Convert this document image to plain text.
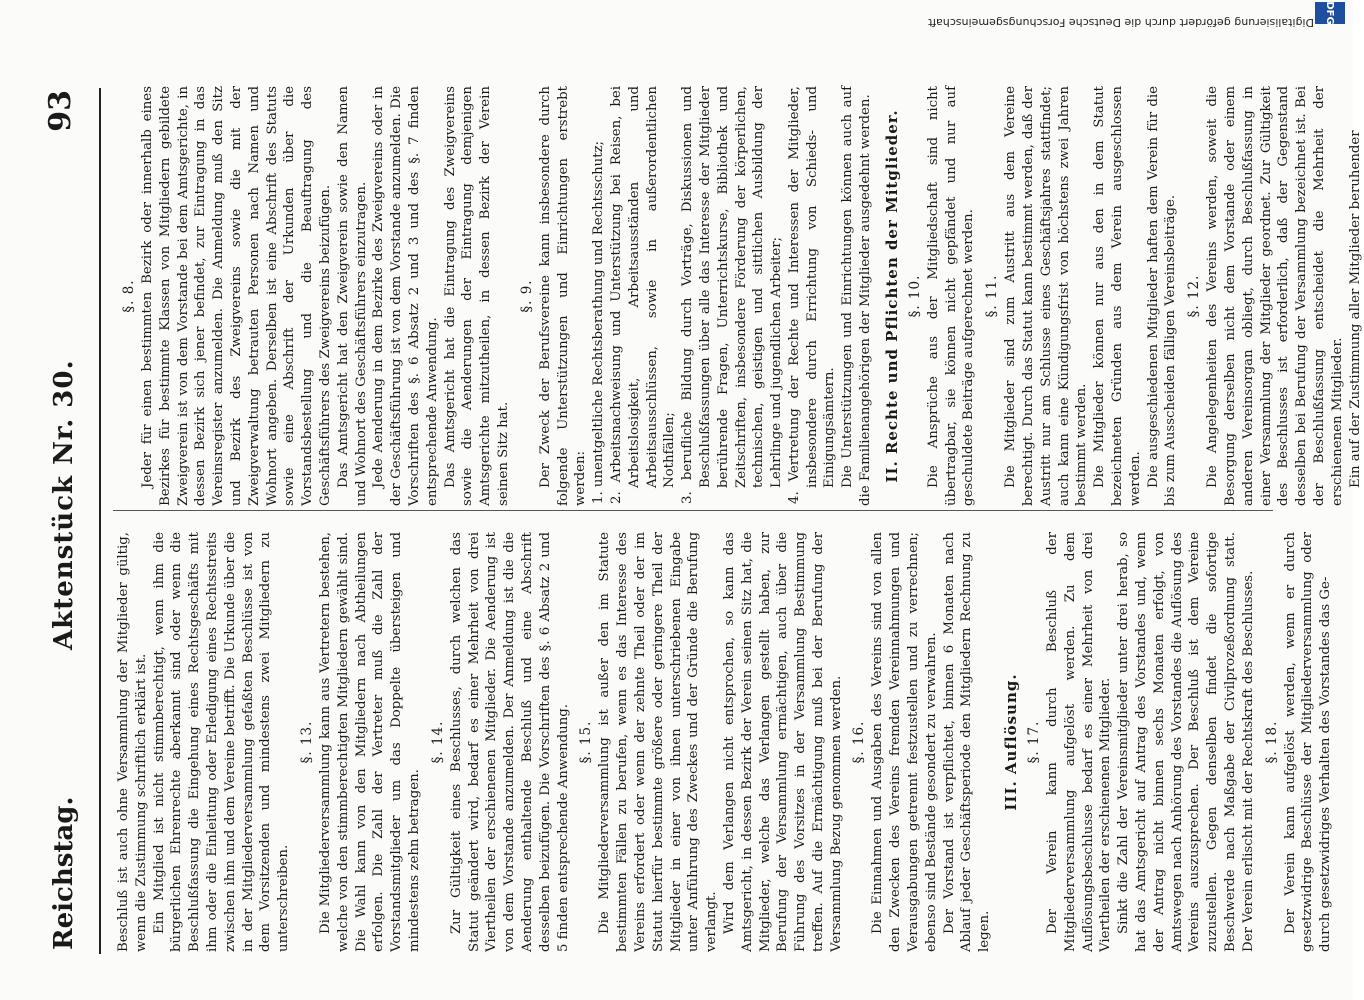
DFG
Digitalisierung gefördert durch die Deutsche Forschungsgemeinschaft
Reichstag.
Aktenstück Nr. 30.
93
§. 8. Jeder für einen bestimmten Bezirk oder innerhalb eines Bezirkes für bestimmte Klassen von Mitgliedern gebildete Zweigverein ist von dem Vorstande bei dem Amtsgerichte, in dessen Bezirk sich jener befindet, zur Eintragung in das Vereinsregister anzumelden. Die Anmeldung muß den Sitz und Bezirk des Zweigvereins sowie die mit der Zweigverwaltung betrauten Personen nach Namen und Wohnort angeben. Derselben ist eine Abschrift des Statuts sowie eine Abschrift der Urkunden über die Vorstandsbestellung und die Beauftragung des Geschäftsführers des Zweigvereins beizufügen. Das Amtsgericht hat den Zweigverein sowie den Namen und Wohnort des Geschäftsführers einzutragen. Jede Aenderung in dem Bezirke des Zweigvereins oder in der Geschäftsführung ist von dem Vorstande anzumelden. Die Vorschriften des §. 6 Absatz 2 und 3 und des §. 7 finden entsprechende Anwendung. Das Amtsgericht hat die Eintragung des Zweigvereins sowie die Aenderungen der Eintragung demjenigen Amtsgerichte mitzutheilen, in dessen Bezirk der Verein seinen Sitz hat.

§. 9. Der Zweck der Berufsvereine kann insbesondere durch folgende Unterstützungen und Einrichtungen erstrebt werden: 1. unentgeltliche Rechtsberathung und Rechtsschutz; 2. Arbeitsnachweisung und Unterstützung bei Reisen, bei Arbeitslosigkeit, Arbeitsausständen und Arbeitsausschlüssen, sowie in außerordentlichen Nothfällen; 3. berufliche Bildung durch Vorträge, Diskussionen und Beschlußfassungen über alle das Interesse der Mitglieder berührende Fragen, Unterrichtskurse, Bibliothek und Zeitschriften, insbesondere Förderung der körperlichen, technischen, geistigen und sittlichen Ausbildung der Lehrlinge und jugendlichen Arbeiter; 4. Vertretung der Rechte und Interessen der Mitglieder, insbesondere durch Errichtung von Schieds- und Einigungsämtern. Die Unterstützungen und Einrichtungen können auch auf die Familienangehörigen der Mitglieder ausgedehnt werden. II. Rechte und Pflichten der Mitglieder. §. 10. Die Ansprüche aus der Mitgliedschaft sind nicht übertragbar, sie können nicht gepfändet und nur auf geschuldete Beiträge aufgerechnet werden. §. 11. Die Mitglieder sind zum Austritt aus dem Vereine berechtigt. Durch das Statut kann bestimmt werden, daß der Austritt nur am Schlusse eines Geschäftsjahres stattfindet; auch kann eine Kündigungsfrist von höchstens zwei Jahren bestimmt werden. Die Mitglieder können nur aus den in dem Statut bezeichneten Gründen aus dem Verein ausgeschlossen werden. Die ausgeschiedenen Mitglieder haften dem Verein für die bis zum Ausscheiden fälligen Vereinsbeiträge. §. 12. Die Angelegenheiten des Vereins werden, soweit die Besorgung derselben nicht dem Vorstande oder einem anderen Vereinsorgan obliegt, durch Beschlußfassung in einer Versammlung der Mitglieder geordnet. Zur Gültigkeit des Beschlusses ist erforderlich, daß der Gegenstand desselben bei Berufung der Versammlung bezeichnet ist. Bei der Beschlußfassung entscheidet die Mehrheit der erschienenen Mitglieder. Ein auf der Zustimmung aller Mitglieder beruhender

Beschluß ist auch ohne Versammlung der Mitglieder gültig, wenn die Zustimmung schriftlich erklärt ist. Ein Mitglied ist nicht stimmberechtigt, wenn ihm die bürgerlichen Ehrenrechte aberkannt sind oder wenn die Beschlußfassung die Eingehung eines Rechtsgeschäfts mit ihm oder die Einleitung oder Erledigung eines Rechtsstreits zwischen ihm und dem Vereine betrifft. Die Urkunde über die in der Mitgliederversammlung gefaßten Beschlüsse ist von dem Vorsitzenden und mindestens zwei Mitgliedern zu unterschreiben.

§. 13. Die Mitgliederversammlung kann aus Vertretern bestehen, welche von den stimmberechtigten Mitgliedern gewählt sind. Die Wahl kann von den Mitgliedern nach Abtheilungen erfolgen. Die Zahl der Vertreter muß die Zahl der Vorstandsmitglieder um das Doppelte übersteigen und mindestens zehn betragen.

§. 14. Zur Gültigkeit eines Beschlusses, durch welchen das Statut geändert wird, bedarf es einer Mehrheit von drei Viertheilen der erschienenen Mitglieder. Die Aenderung ist von dem Vorstande anzumelden. Der Anmeldung ist die die Aenderung enthaltende Beschluß und eine Abschrift desselben beizufügen. Die Vorschriften des §. 6 Absatz 2 und 5 finden entsprechende Anwendung. §. 15. Die Mitgliederversammlung ist außer den im Statute bestimmten Fällen zu berufen, wenn es das Interesse des Vereins erfordert oder wenn der zehnte Theil oder der im Statut hierfür bestimmte größere oder geringere Theil der Mitglieder in einer von ihnen unterschriebenen Eingabe unter Anführung des Zweckes und der Gründe die Berufung verlangt. Wird dem Verlangen nicht entsprochen, so kann das Amtsgericht, in dessen Bezirk der Verein seinen Sitz hat, die Mitglieder, welche das Verlangen gestellt haben, zur Berufung der Versammlung ermächtigen, auch über die Führung des Vorsitzes in der Versammlung Bestimmung treffen. Auf die Ermächtigung muß bei der Berufung der Versammlung Bezug genommen werden. §. 16. Die Einnahmen und Ausgaben des Vereins sind von allen den Zwecken des Vereins fremden Vereinnahmungen und Verausgabungen getrennt festzustellen und zu verrechnen; ebenso sind Bestände gesondert zu verwahren. Der Vorstand ist verpflichtet, binnen 6 Monaten nach Ablauf jeder Geschäftsperiode den Mitgliedern Rechnung zu legen.

III. Auflösung. §. 17. Der Verein kann durch Beschluß der Mitgliederversammlung aufgelöst werden. Zu dem Auflösungsbeschlusse bedarf es einer Mehrheit von drei Viertheilen der erschienenen Mitglieder. Sinkt die Zahl der Vereinsmitglieder unter drei herab, so hat das Amtsgericht auf Antrag des Vorstandes und, wenn der Antrag nicht binnen sechs Monaten erfolgt, von Amtswegen nach Anhörung des Vorstandes die Auflösung des Vereins auszusprechen. Der Beschluß ist dem Vereine zuzustellen. Gegen denselben findet die sofortige Beschwerde nach Maßgabe der Civilprozeßordnung statt. Der Verein erlischt mit der Rechtskraft des Beschlusses. §. 18. Der Verein kann aufgelöst werden, wenn er durch gesetzwidrige Beschlüsse der Mitgliederversammlung oder durch gesetzwidriges Verhalten des Vorstandes das Ge-
